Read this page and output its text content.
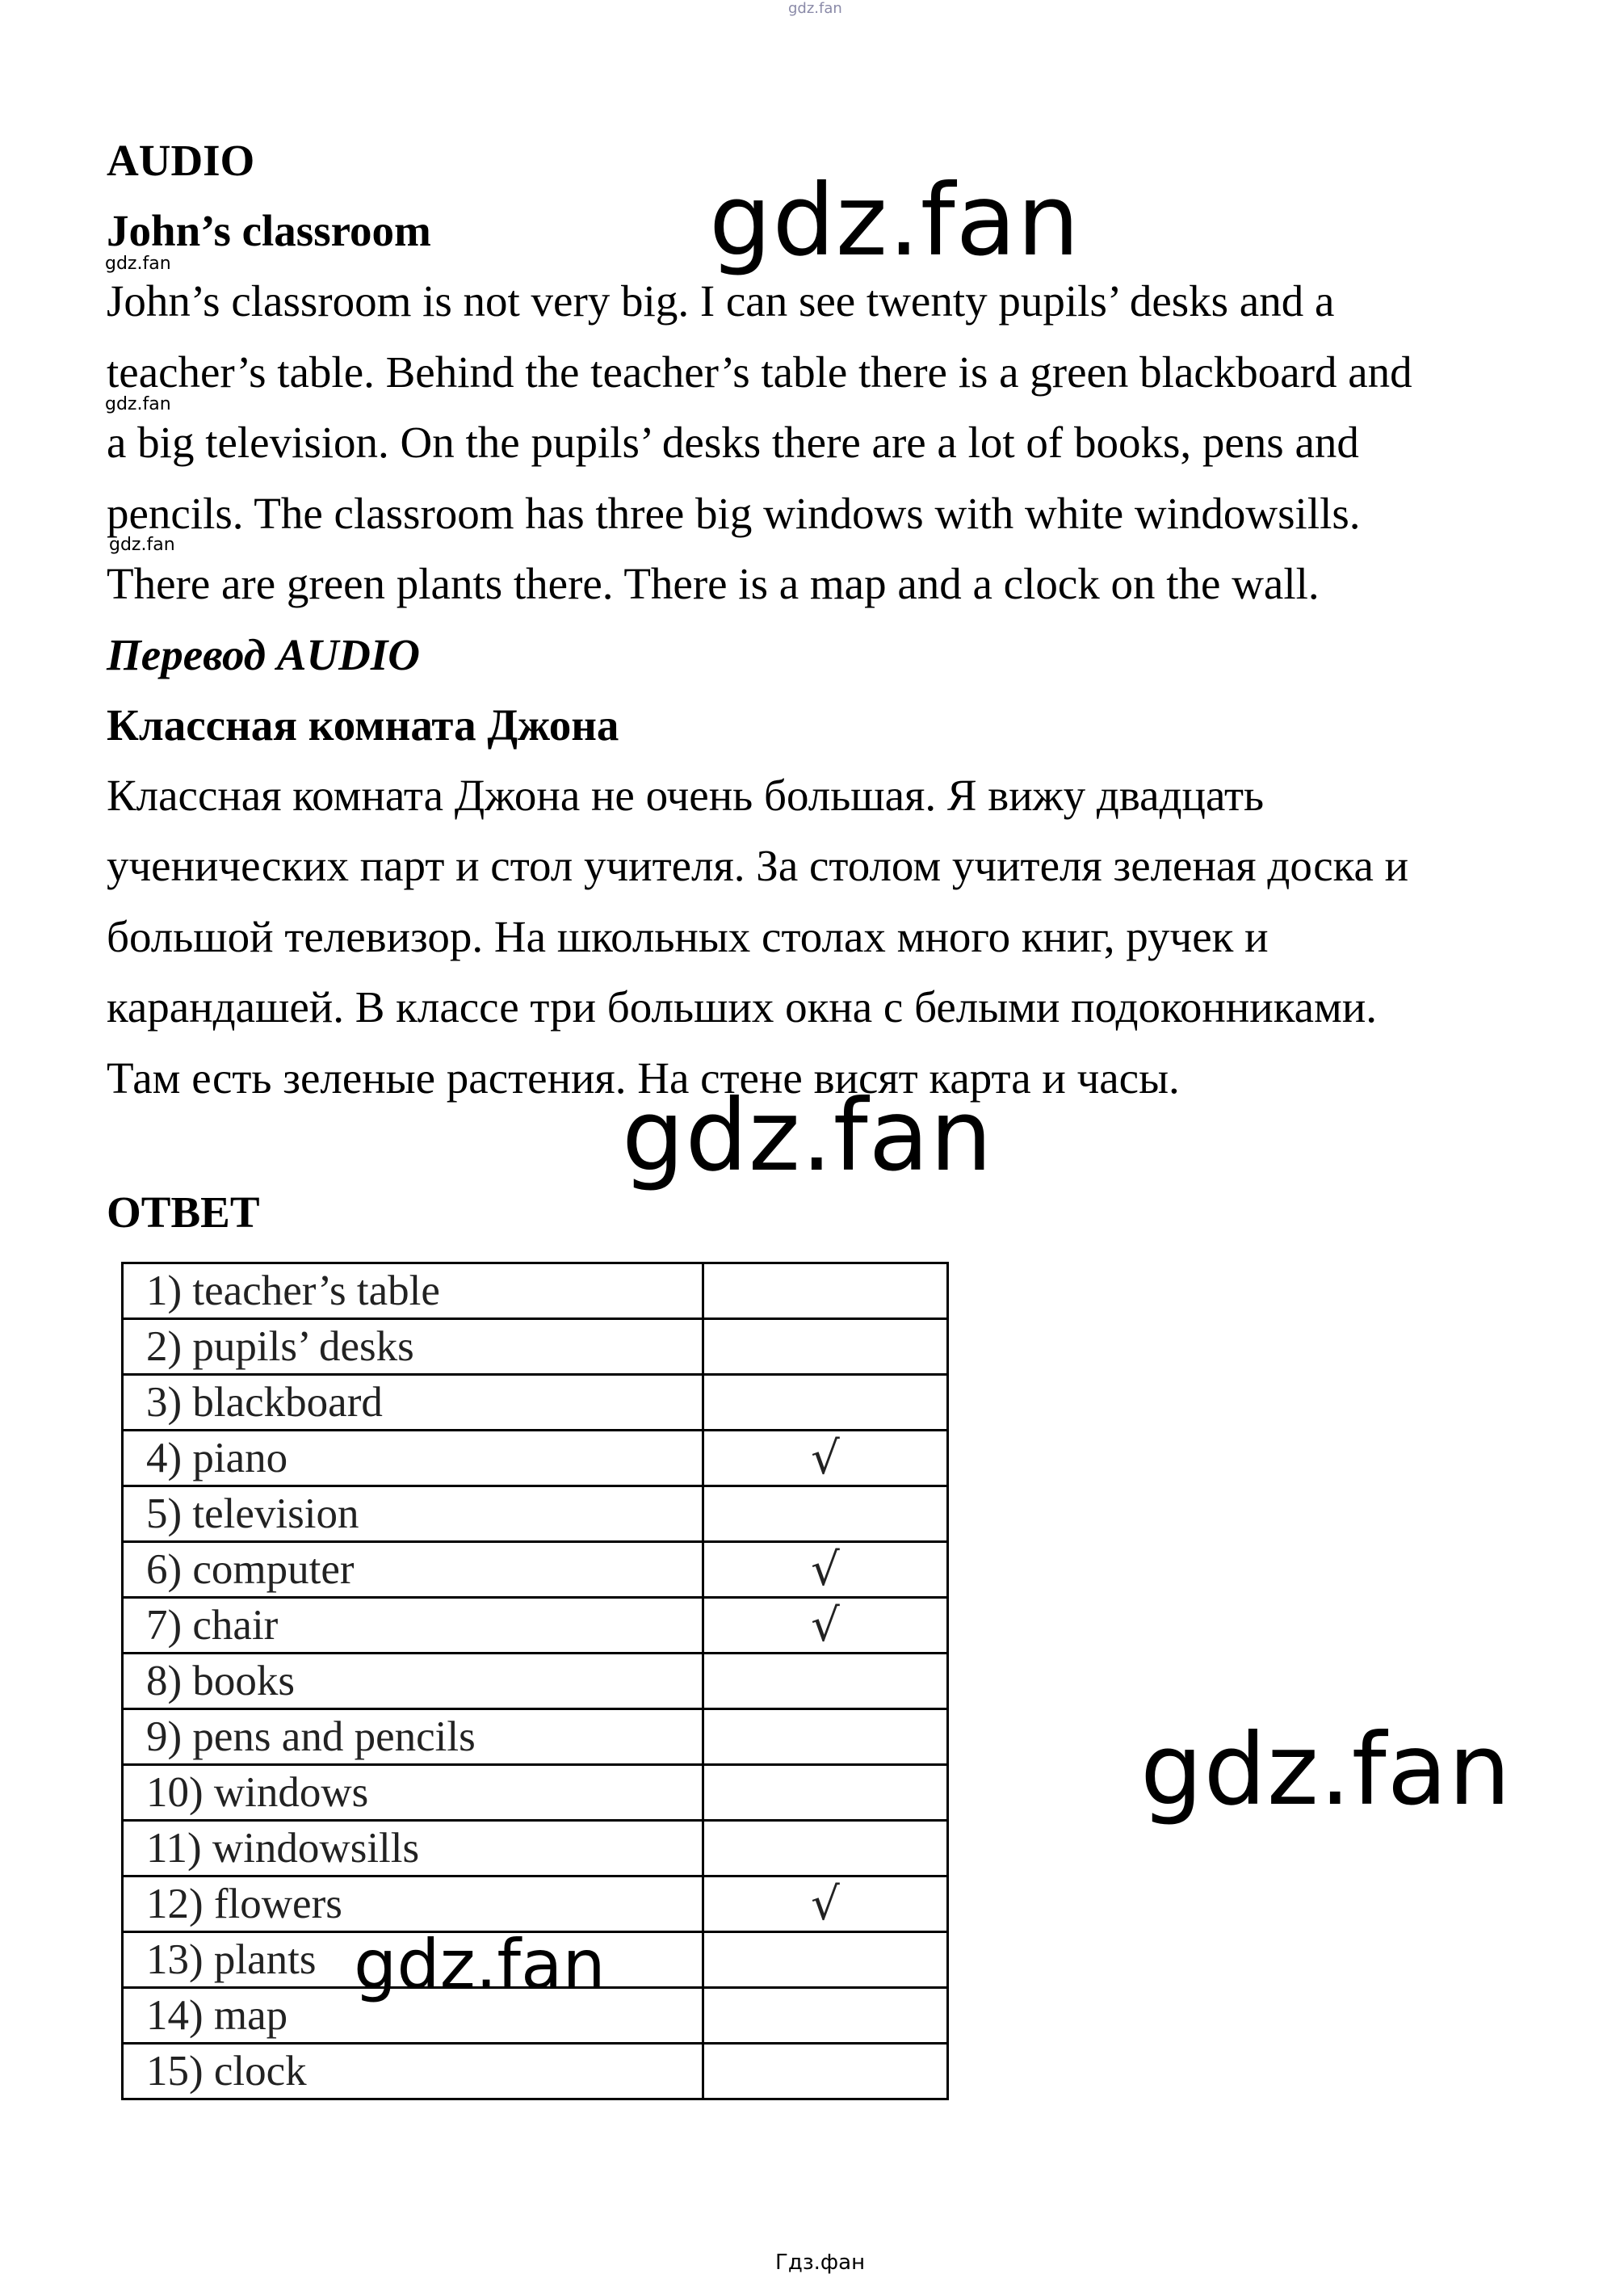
gdz.fan
gdz.fan
gdz.fan
gdz.fan
gdz.fan

AUDIO

John’s classroom

John’s classroom is not very big. I can see twenty pupils’ desks and a

teacher’s table. Behind the teacher’s table there is a green blackboard and

a big television. On the pupils’ desks there are a lot of books, pens and

pencils. The classroom has three big windows with white windowsills.

There are green plants there. There is a map and a clock on the wall.

Перевод AUDIO

Классная комната Джона

Классная комната Джона не очень большая. Я вижу двадцать

ученических парт и стол учителя. За столом учителя зеленая доска и

большой телевизор. На школьных столах много книг, ручек и

карандашей. В классе три больших окна с белыми подоконниками.

Там есть зеленые растения. На стене висят карта и часы.

gdz.fan

ОТВЕТ

1) teacher’s table	
2) pupils’ desks	
3) blackboard	
4) piano	√
5) television	
6) computer	√
7) chair	√
8) books	
9) pens and pencils	
10) windows	
11) windowsills	
12) flowers	√
13) plants	
14) map	
15) clock	
gdz.fan
gdz.fan
Гдз.фан
